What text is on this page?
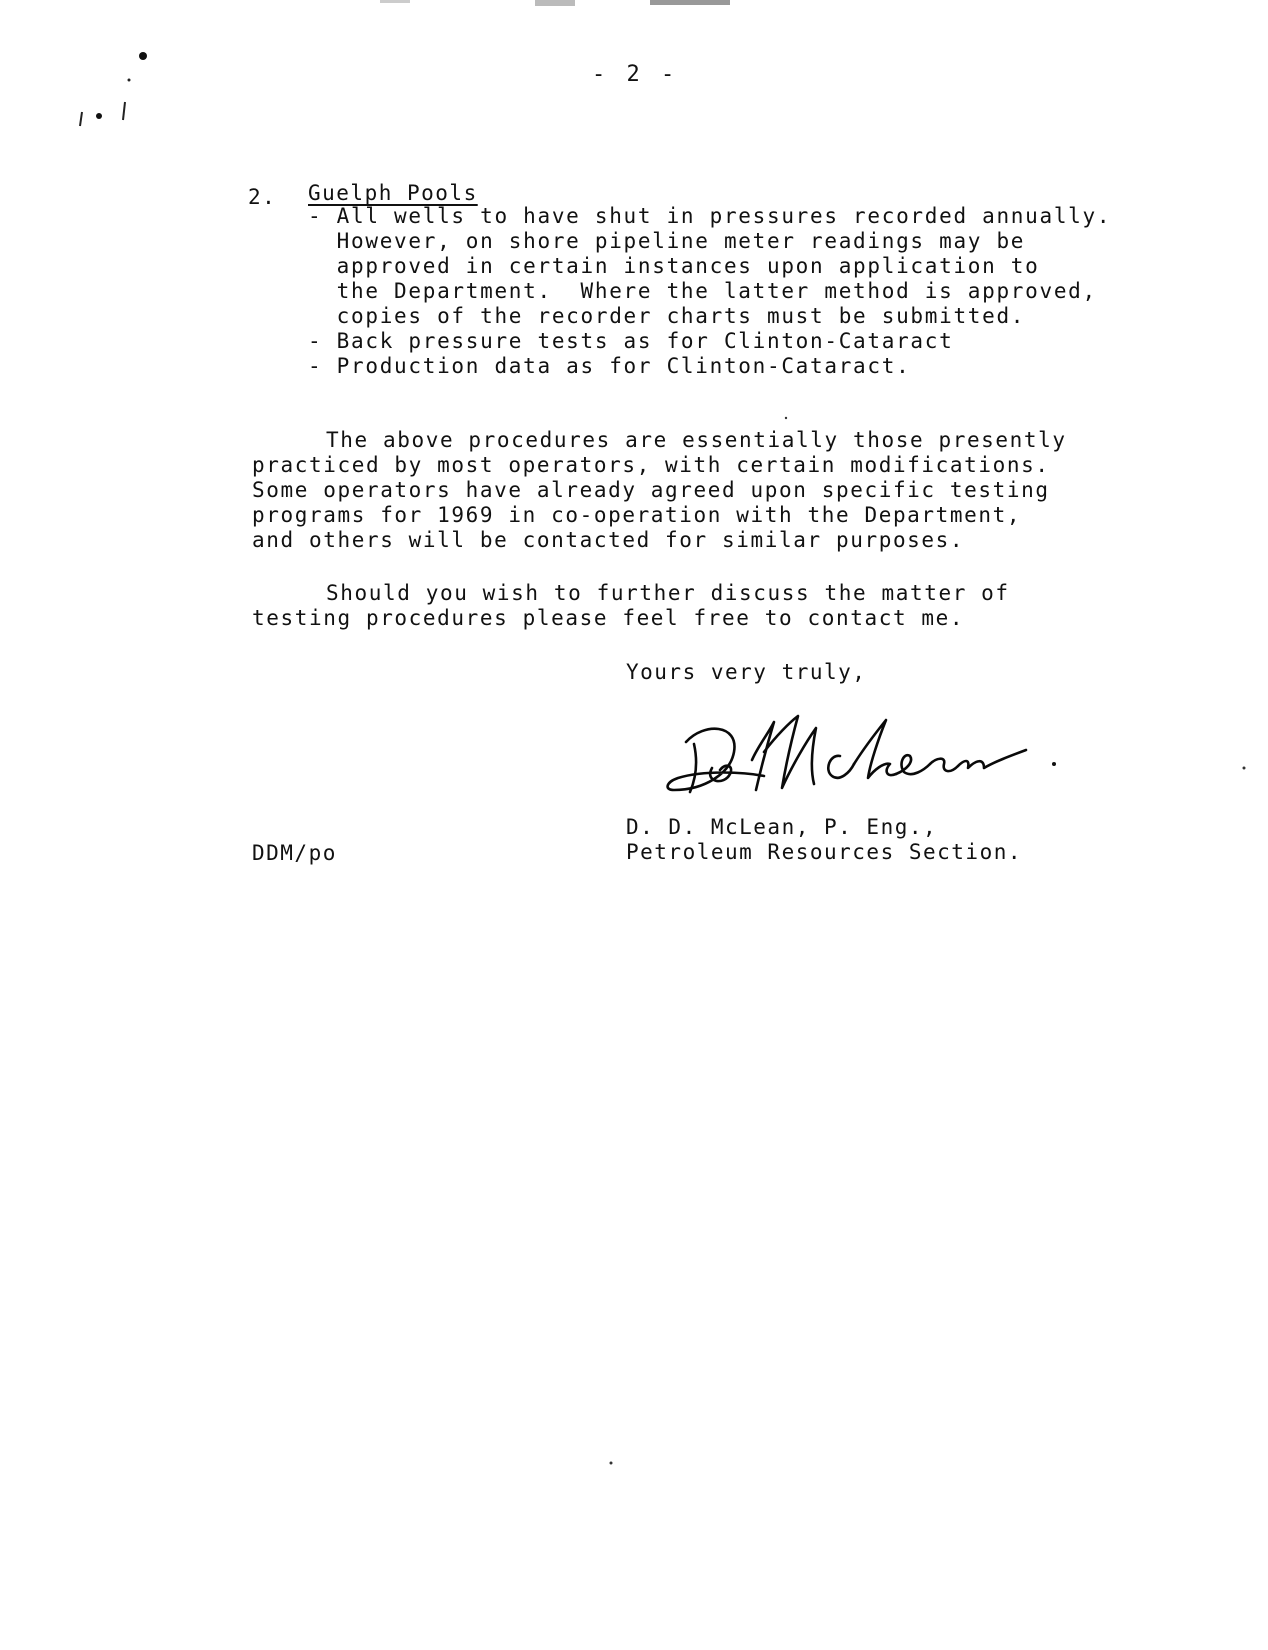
- 2 -
2. Guelph Pools
- All wells to have shut in pressures recorded annually.
However, on shore pipeline meter readings may be
approved in certain instances upon application to
the Department.  Where the latter method is approved,
copies of the recorder charts must be submitted.
- Back pressure tests as for Clinton-Cataract
- Production data as for Clinton-Cataract.
The above procedures are essentially those presently
practiced by most operators, with certain modifications.
Some operators have already agreed upon specific testing
programs for 1969 in co-operation with the Department,
and others will be contacted for similar purposes.
Should you wish to further discuss the matter of
testing procedures please feel free to contact me.
Yours very truly,
D. D. McLean, P. Eng.,
Petroleum Resources Section.
DDM/po
